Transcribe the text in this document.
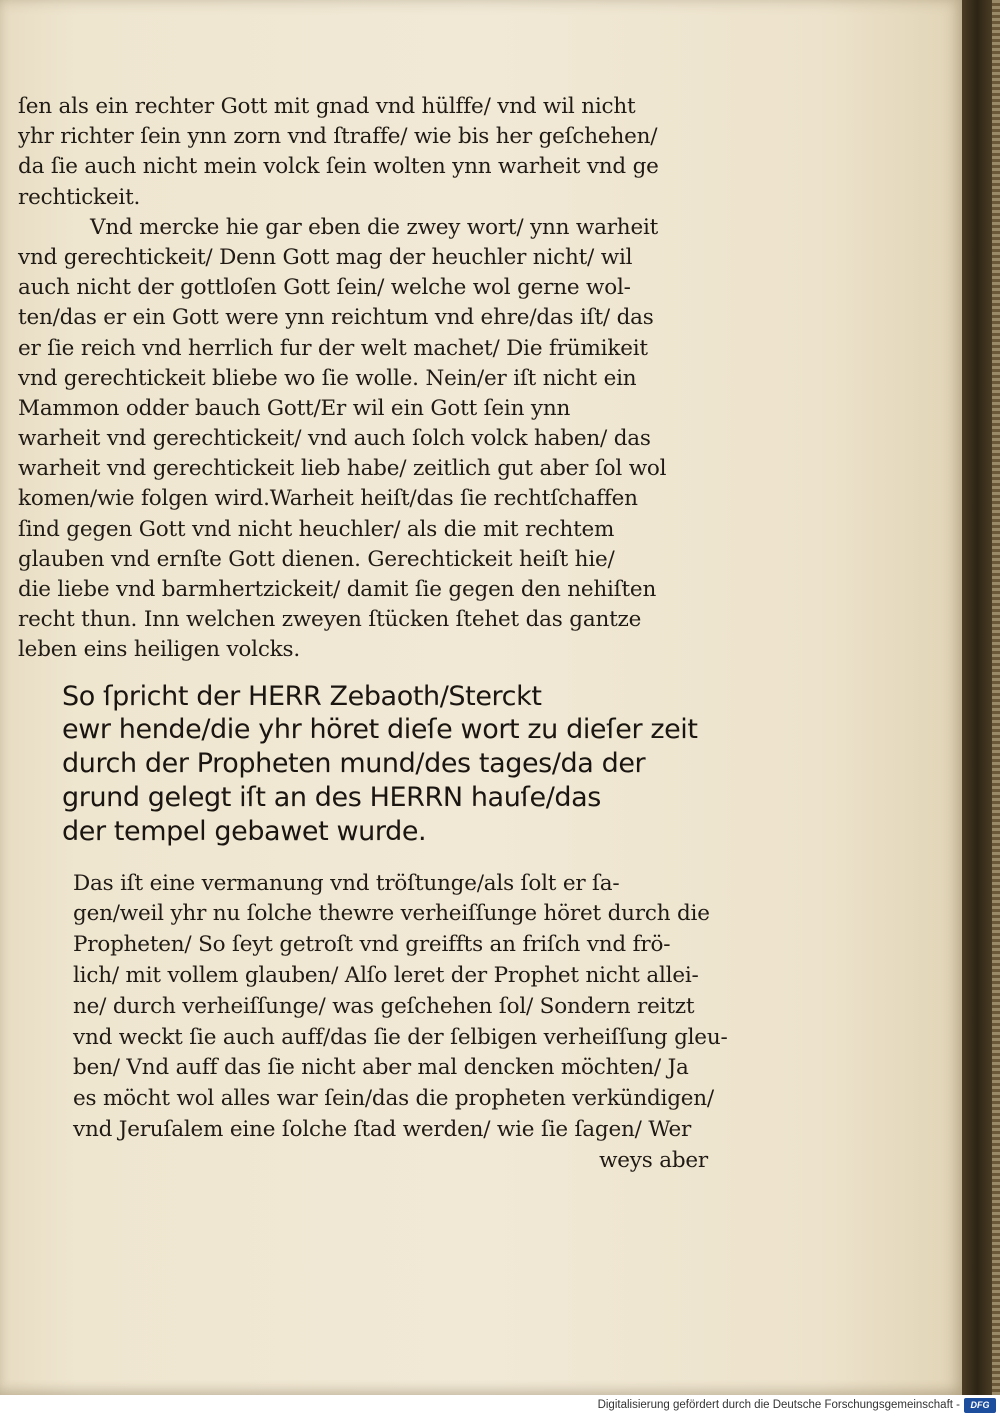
ſen als ein rechter Gott mit gnad vnd hülffe/ vnd wil nicht
yhr richter ſein ynn zorn vnd ſtraffe/ wie bis her geſchehen/
da ſie auch nicht mein volck ſein wolten ynn warheit vnd ge
rechtickeit.
Vnd mercke hie gar eben die zwey wort/ ynn warheit
vnd gerechtickeit/ Denn Gott mag der heuchler nicht/ wil
auch nicht der gottloſen Gott ſein/ welche wol gerne wol-
ten/das er ein Gott were ynn reichtum vnd ehre/das iſt/ das
er ſie reich vnd herrlich fur der welt machet/ Die frümikeit
vnd gerechtickeit bliebe wo ſie wolle. Nein/er iſt nicht ein
Mammon odder bauch Gott/Er wil ein Gott ſein ynn
warheit vnd gerechtickeit/ vnd auch ſolch volck haben/ das
warheit vnd gerechtickeit lieb habe/ zeitlich gut aber ſol wol
komen/wie folgen wird.Warheit heiſt/das ſie rechtſchaffen
ſind gegen Gott vnd nicht heuchler/ als die mit rechtem
glauben vnd ernſte Gott dienen. Gerechtickeit heiſt hie/
die liebe vnd barmhertzickeit/ damit ſie gegen den nehiſten
recht thun. Inn welchen zweyen ſtücken ſtehet das gantze
leben eins heiligen volcks.
So ſpricht der HERR Zebaoth/Sterckt
ewr hende/die yhr höret dieſe wort zu dieſer zeit
durch der Propheten mund/des tages/da der
grund gelegt iſt an des HERRN hauſe/das
der tempel gebawet wurde.
Das iſt eine vermanung vnd tröſtunge/als ſolt er ſa-
gen/weil yhr nu ſolche thewre verheiſſunge höret durch die
Propheten/ So ſeyt getroſt vnd greiffts an friſch vnd frö-
lich/ mit vollem glauben/ Alſo leret der Prophet nicht allei-
ne/ durch verheiſſunge/ was geſchehen ſol/ Sondern reitzt
vnd weckt ſie auch auff/das ſie der ſelbigen verheiſſung gleu-
ben/ Vnd auff das ſie nicht aber mal dencken möchten/ Ja
es möcht wol alles war ſein/das die propheten verkündigen/
vnd Jeruſalem eine ſolche ſtad werden/ wie ſie ſagen/ Wer
weys aber
Digitalisierung gefördert durch die Deutsche Forschungsgemeinschaft -	DFG
